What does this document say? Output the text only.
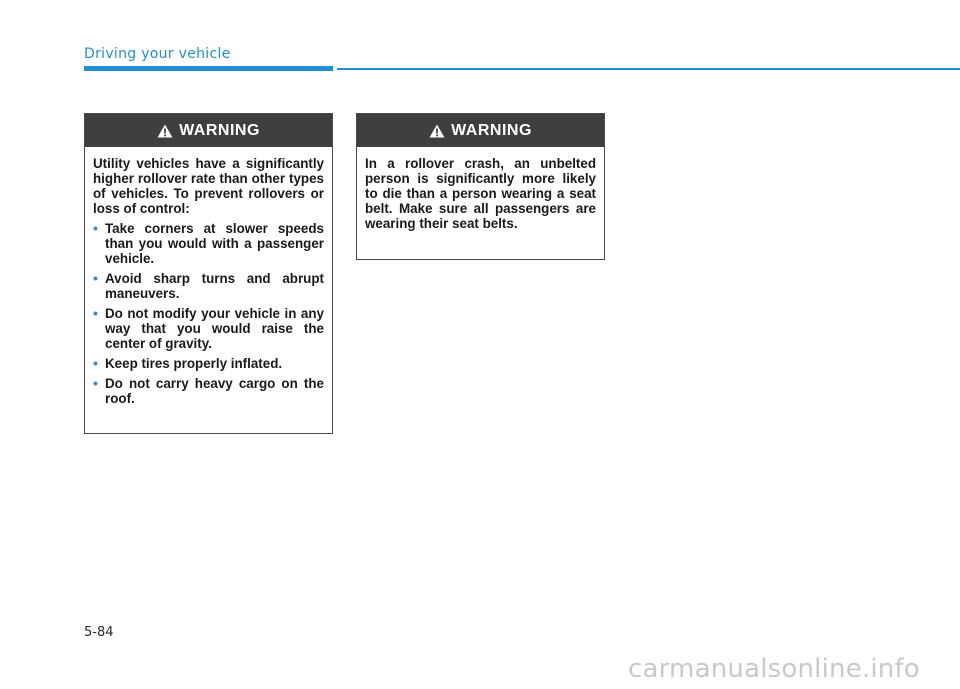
Driving your vehicle
WARNING

Utility vehicles have a significantly higher rollover rate than other types of vehicles. To prevent rollovers or loss of control:

• Take corners at slower speeds than you would with a passenger vehicle.
• Avoid sharp turns and abrupt maneuvers.
• Do not modify your vehicle in any way that you would raise the center of gravity.
• Keep tires properly inflated.
• Do not carry heavy cargo on the roof.
WARNING

In a rollover crash, an unbelted person is significantly more likely to die than a person wearing a seat belt. Make sure all passengers are wearing their seat belts.

5-84
carmanualsonline.info
